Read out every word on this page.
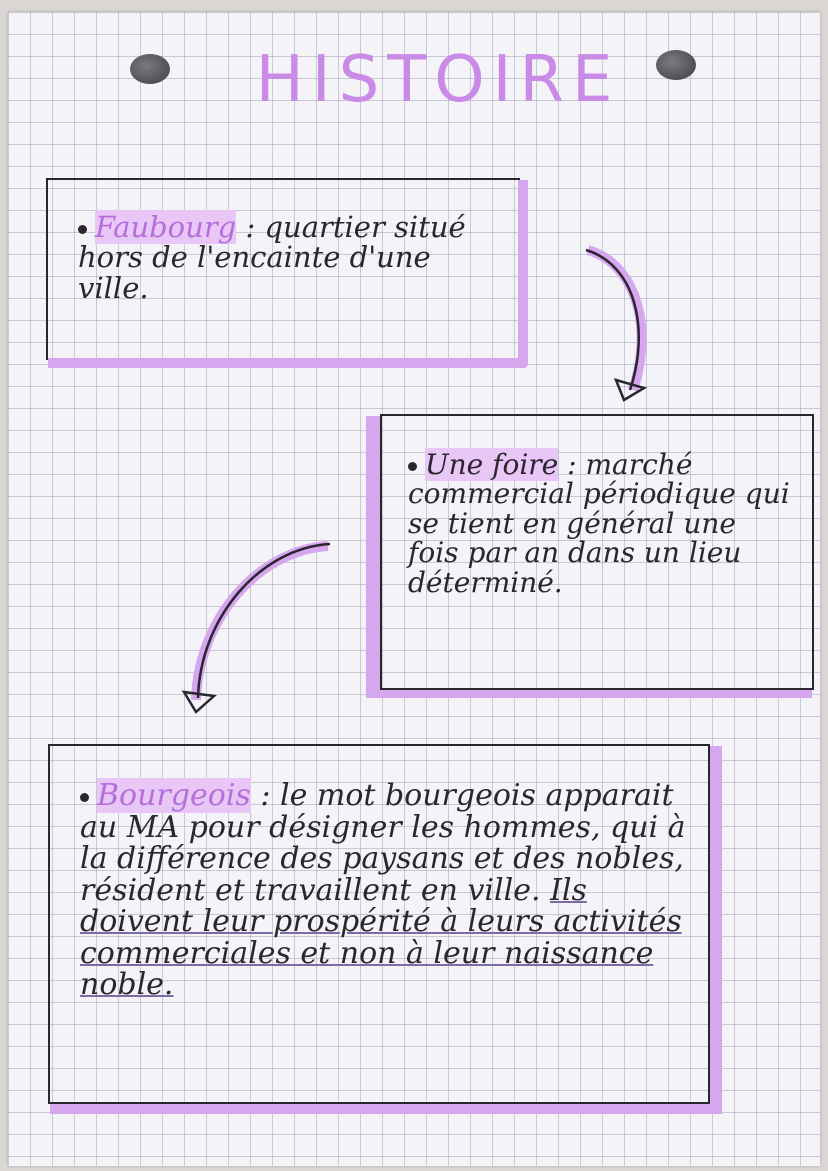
HISTOIRE
Faubourg : quartier situé hors de l'encainte d'une ville.
Une foire : marché commercial périodique qui se tient en général une fois par an dans un lieu déterminé.
Bourgeois : le mot bourgeois apparait au MA pour désigner les hommes, qui à la différence des paysans et des nobles, résident et travaillent en ville. Ils doivent leur prospérité à leurs activités commerciales et non à leur naissance noble.
